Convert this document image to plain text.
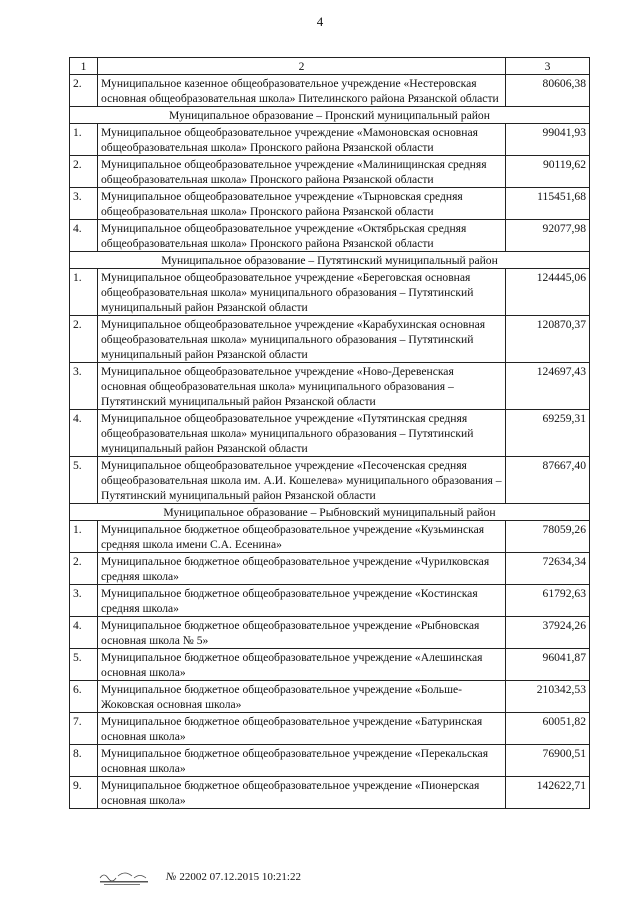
4
1	2	3
2.	Муниципальное казенное общеобразовательное учреждение «Нестеровская основная общеобразовательная школа» Пителинского района Рязанской области	80606,38
Муниципальное образование – Пронский муниципальный район		
1.	Муниципальное общеобразовательное учреждение «Мамоновская основная общеобразовательная школа» Пронского района Рязанской области	99041,93
2.	Муниципальное общеобразовательное учреждение «Малинищинская средняя общеобразовательная школа» Пронского района Рязанской области	90119,62
3.	Муниципальное общеобразовательное учреждение «Тырновская средняя общеобразовательная школа» Пронского района Рязанской области	115451,68
4.	Муниципальное общеобразовательное учреждение «Октябрьская средняя общеобразовательная школа» Пронского района Рязанской области	92077,98
Муниципальное образование – Путятинский муниципальный район		
1.	Муниципальное общеобразовательное учреждение «Береговская основная общеобразовательная школа» муниципального образования – Путятинский муниципальный район Рязанской области	124445,06
2.	Муниципальное общеобразовательное учреждение «Карабухинская основная общеобразовательная школа» муниципального образования – Путятинский муниципальный район Рязанской области	120870,37
3.	Муниципальное общеобразовательное учреждение «Ново-Деревенская основная общеобразовательная школа» муниципального образования – Путятинский муниципальный район Рязанской области	124697,43
4.	Муниципальное общеобразовательное учреждение «Путятинская средняя общеобразовательная школа» муниципального образования – Путятинский муниципальный район Рязанской области	69259,31
5.	Муниципальное общеобразовательное учреждение «Песоченская средняя общеобразовательная школа им. А.И. Кошелева» муниципального образования – Путятинский муниципальный район Рязанской области	87667,40
Муниципальное образование – Рыбновский муниципальный район		
1.	Муниципальное бюджетное общеобразовательное учреждение «Кузьминская средняя школа имени С.А. Есенина»	78059,26
2.	Муниципальное бюджетное общеобразовательное учреждение «Чурилковская средняя школа»	72634,34
3.	Муниципальное бюджетное общеобразовательное учреждение «Костинская средняя школа»	61792,63
4.	Муниципальное бюджетное общеобразовательное учреждение «Рыбновская основная школа № 5»	37924,26
5.	Муниципальное бюджетное общеобразовательное учреждение «Алешинская основная школа»	96041,87
6.	Муниципальное бюджетное общеобразовательное учреждение «Больше-Жоковская основная школа»	210342,53
7.	Муниципальное бюджетное общеобразовательное учреждение «Батуринская основная школа»	60051,82
8.	Муниципальное бюджетное общеобразовательное учреждение «Перекальская основная школа»	76900,51
9.	Муниципальное бюджетное общеобразовательное учреждение «Пионерская основная школа»	142622,71
№ 22002 07.12.2015 10:21:22
